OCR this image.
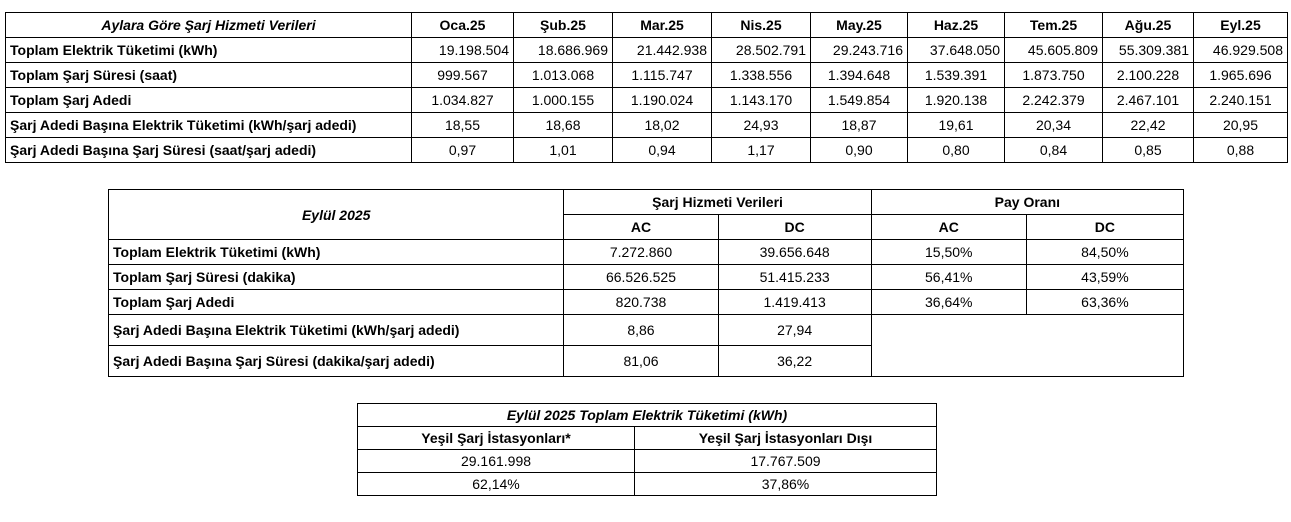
Aylara Göre Şarj Hizmeti Verileri	Oca.25	Şub.25	Mar.25	Nis.25	May.25	Haz.25	Tem.25	Ağu.25	Eyl.25
Toplam Elektrik Tüketimi (kWh)	19.198.504	18.686.969	21.442.938	28.502.791	29.243.716	37.648.050	45.605.809	55.309.381	46.929.508
Toplam Şarj Süresi (saat)	999.567	1.013.068	1.115.747	1.338.556	1.394.648	1.539.391	1.873.750	2.100.228	1.965.696
Toplam Şarj Adedi	1.034.827	1.000.155	1.190.024	1.143.170	1.549.854	1.920.138	2.242.379	2.467.101	2.240.151
Şarj Adedi Başına Elektrik Tüketimi (kWh/şarj adedi)	18,55	18,68	18,02	24,93	18,87	19,61	20,34	22,42	20,95
Şarj Adedi Başına Şarj Süresi (saat/şarj adedi)	0,97	1,01	0,94	1,17	0,90	0,80	0,84	0,85	0,88
Eylül 2025	Şarj Hizmeti Verileri		Pay Oranı	
	AC	DC	AC	DC
Toplam Elektrik Tüketimi (kWh)	7.272.860	39.656.648	15,50%	84,50%
Toplam Şarj Süresi (dakika)	66.526.525	51.415.233	56,41%	43,59%
Toplam Şarj Adedi	820.738	1.419.413	36,64%	63,36%
Şarj Adedi Başına Elektrik Tüketimi (kWh/şarj adedi)	8,86	27,94		
Şarj Adedi Başına Şarj Süresi (dakika/şarj adedi)	81,06	36,22		
Eylül 2025 Toplam Elektrik Tüketimi (kWh)	
Yeşil Şarj İstasyonları*	Yeşil Şarj İstasyonları Dışı
29.161.998	17.767.509
62,14%	37,86%
